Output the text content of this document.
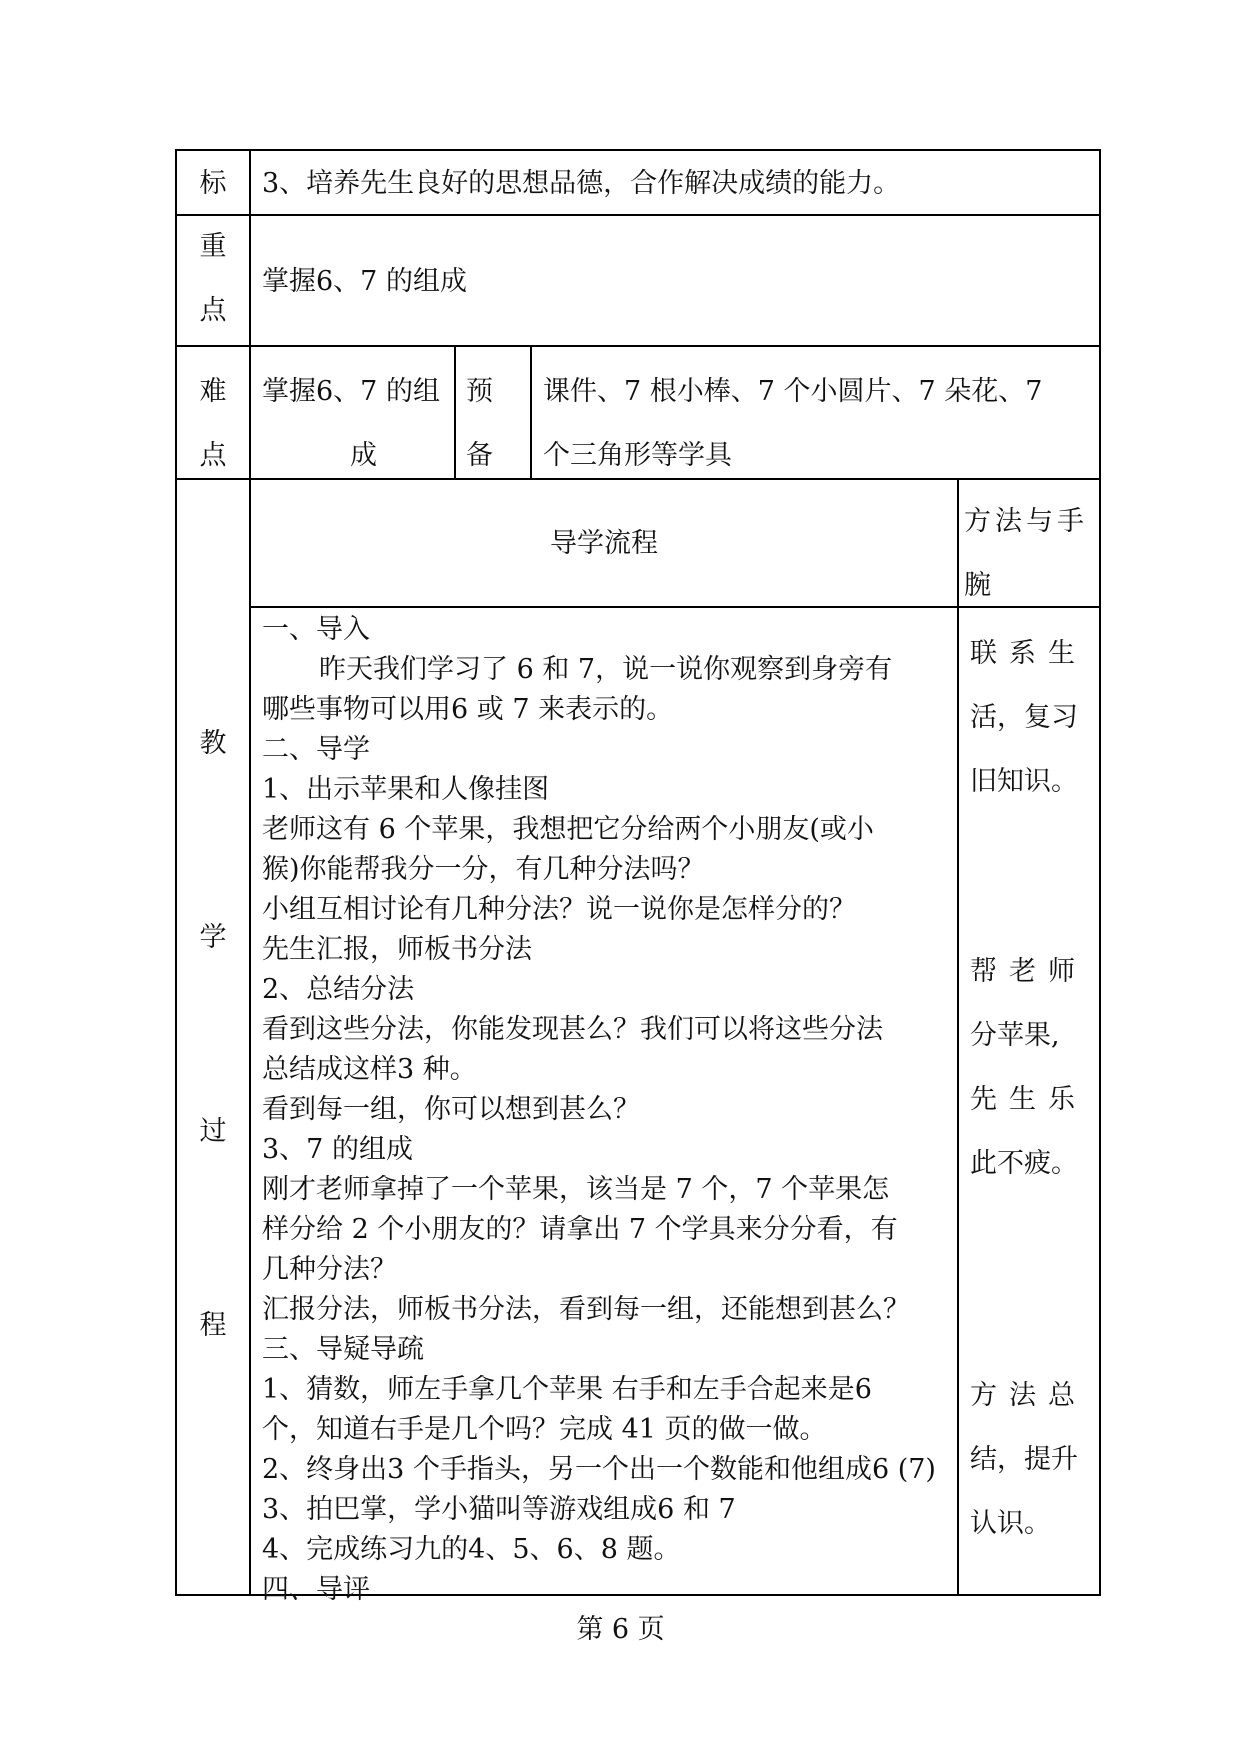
标	3、培养先生良好的思想品德，合作解决成绩的能力。
重
点
掌握6、7 的组成
难
点
掌握6、7 的组
成
预
备
课件、7 根小棒、7 个小圆片、7 朵花、7
个三角形等学具
教
学
过
程
导学流程
方法与手
腕
一、导入
昨天我们学习了 6 和 7，说一说你观察到身旁有
哪些事物可以用6 或 7 来表示的。
二、导学
1、出示苹果和人像挂图
老师这有 6 个苹果，我想把它分给两个小朋友(或小
猴)你能帮我分一分，有几种分法吗？
小组互相讨论有几种分法？说一说你是怎样分的？
先生汇报，师板书分法
2、总结分法
看到这些分法，你能发现甚么？我们可以将这些分法
总结成这样3 种。
看到每一组，你可以想到甚么？
3、7 的组成
刚才老师拿掉了一个苹果，该当是 7 个，7 个苹果怎
样分给 2 个小朋友的？请拿出 7 个学具来分分看，有
几种分法？
汇报分法，师板书分法，看到每一组，还能想到甚么？
三、导疑导疏
1、猜数，师左手拿几个苹果 右手和左手合起来是6
个，知道右手是几个吗？完成 41 页的做一做。
2、终身出3 个手指头，另一个出一个数能和他组成6 (7)
3、拍巴掌，学小猫叫等游戏组成6 和 7
4、完成练习九的4、5、6、8 题。
四、导评
联系生
活，复习
旧知识。
帮老师
分苹果,
先生乐
此不疲。
方法总
结，提升
认识。
第 6 页
